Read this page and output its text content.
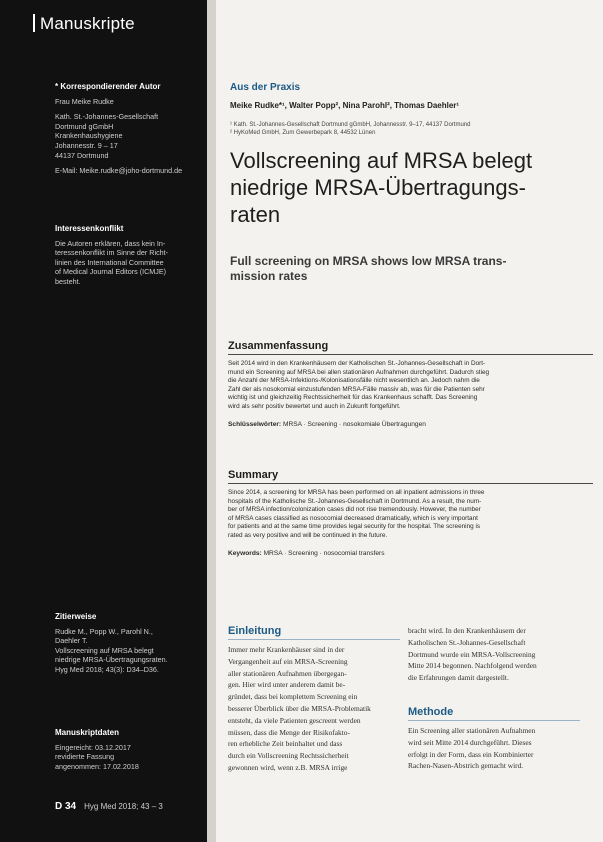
Manuskripte
* Korrespondierender Autor
Frau Meike Rudke
Kath. St.-Johannes-Gesellschaft
Dortmund gGmbH
Krankenhaushygiene
Johannesstr. 9 – 17
44137 Dortmund
E-Mail: Meike.rudke@joho-dortmund.de
Interessenkonflikt
Die Autoren erklären, dass kein In-
teressenkonflikt im Sinne der Richt-
linien des International Committee
of Medical Journal Editors (ICMJE)
besteht.
Zitierweise
Rudke M., Popp W., Parohl N.,
Daehler T.
Vollscreening auf MRSA belegt
niedrige MRSA-Übertragungsraten.
Hyg Med 2018; 43(3): D34–D36.
Manuskriptdaten
Eingereicht: 03.12.2017
revidierte Fassung
angenommen: 17.02.2018
D 34 Hyg Med 2018; 43 – 3
Aus der Praxis
Meike Rudke*¹, Walter Popp², Nina Parohl², Thomas Daehler¹
¹ Kath. St.-Johannes-Gesellschaft Dortmund gGmbH, Johannesstr. 9–17, 44137 Dortmund
² HyKoMed GmbH, Zum Gewerbepark 8, 44532 Lünen
Vollscreening auf MRSA belegt
niedrige MRSA-Übertragungs-
raten
Full screening on MRSA shows low MRSA trans-
mission rates
Zusammenfassung
Seit 2014 wird in den Krankenhäusern der Katholischen St.-Johannes-Gesellschaft in Dort-
mund ein Screening auf MRSA bei allen stationären Aufnahmen durchgeführt. Dadurch stieg
die Anzahl der MRSA-Infektions-/Kolonisationsfälle nicht wesentlich an. Jedoch nahm die
Zahl der als nosokomial einzustufenden MRSA-Fälle massiv ab, was für die Patienten sehr
wichtig ist und gleichzeitig Rechtssicherheit für das Krankenhaus schafft. Das Screening
wird als sehr positiv bewertet und auch in Zukunft fortgeführt.
Schlüsselwörter: MRSA · Screening · nosokomiale Übertragungen
Summary
Since 2014, a screening for MRSA has been performed on all inpatient admissions in three
hospitals of the Katholische St.-Johannes-Gesellschaft in Dortmund. As a result, the num-
ber of MRSA infection/colonization cases did not rise tremendously. However, the number
of MRSA cases classified as nosocomial decreased dramatically, which is very important
for patients and at the same time provides legal security for the hospital. The screening is
rated as very positive and will be continued in the future.
Keywords: MRSA · Screening · nosocomial transfers
Einleitung
Immer mehr Krankenhäuser sind in der
Vergangenheit auf ein MRSA-Screening
aller stationären Aufnahmen übergegan-
gen. Hier wird unter anderem damit be-
gründet, dass bei komplettem Screening ein
besserer Überblick über die MRSA-Problematik
entsteht, da viele Patienten gescreent werden
müssen, dass die Menge der Risikofakto-
ren erhebliche Zeit beinhaltet und dass
durch ein Vollscreening Rechtssicherheit
gewonnen wird, wenn z.B. MRSA irrige
bracht wird. In den Krankenhäusern der
Katholischen St.-Johannes-Gesellschaft
Dortmund wurde ein MRSA-Vollscreening
Mitte 2014 begonnen. Nachfolgend werden
die Erfahrungen damit dargestellt.
Methode
Ein Screening aller stationären Aufnahmen
wird seit Mitte 2014 durchgeführt. Dieses
erfolgt in der Form, dass ein Kombinierter
Rachen-Nasen-Abstrich gemacht wird.
